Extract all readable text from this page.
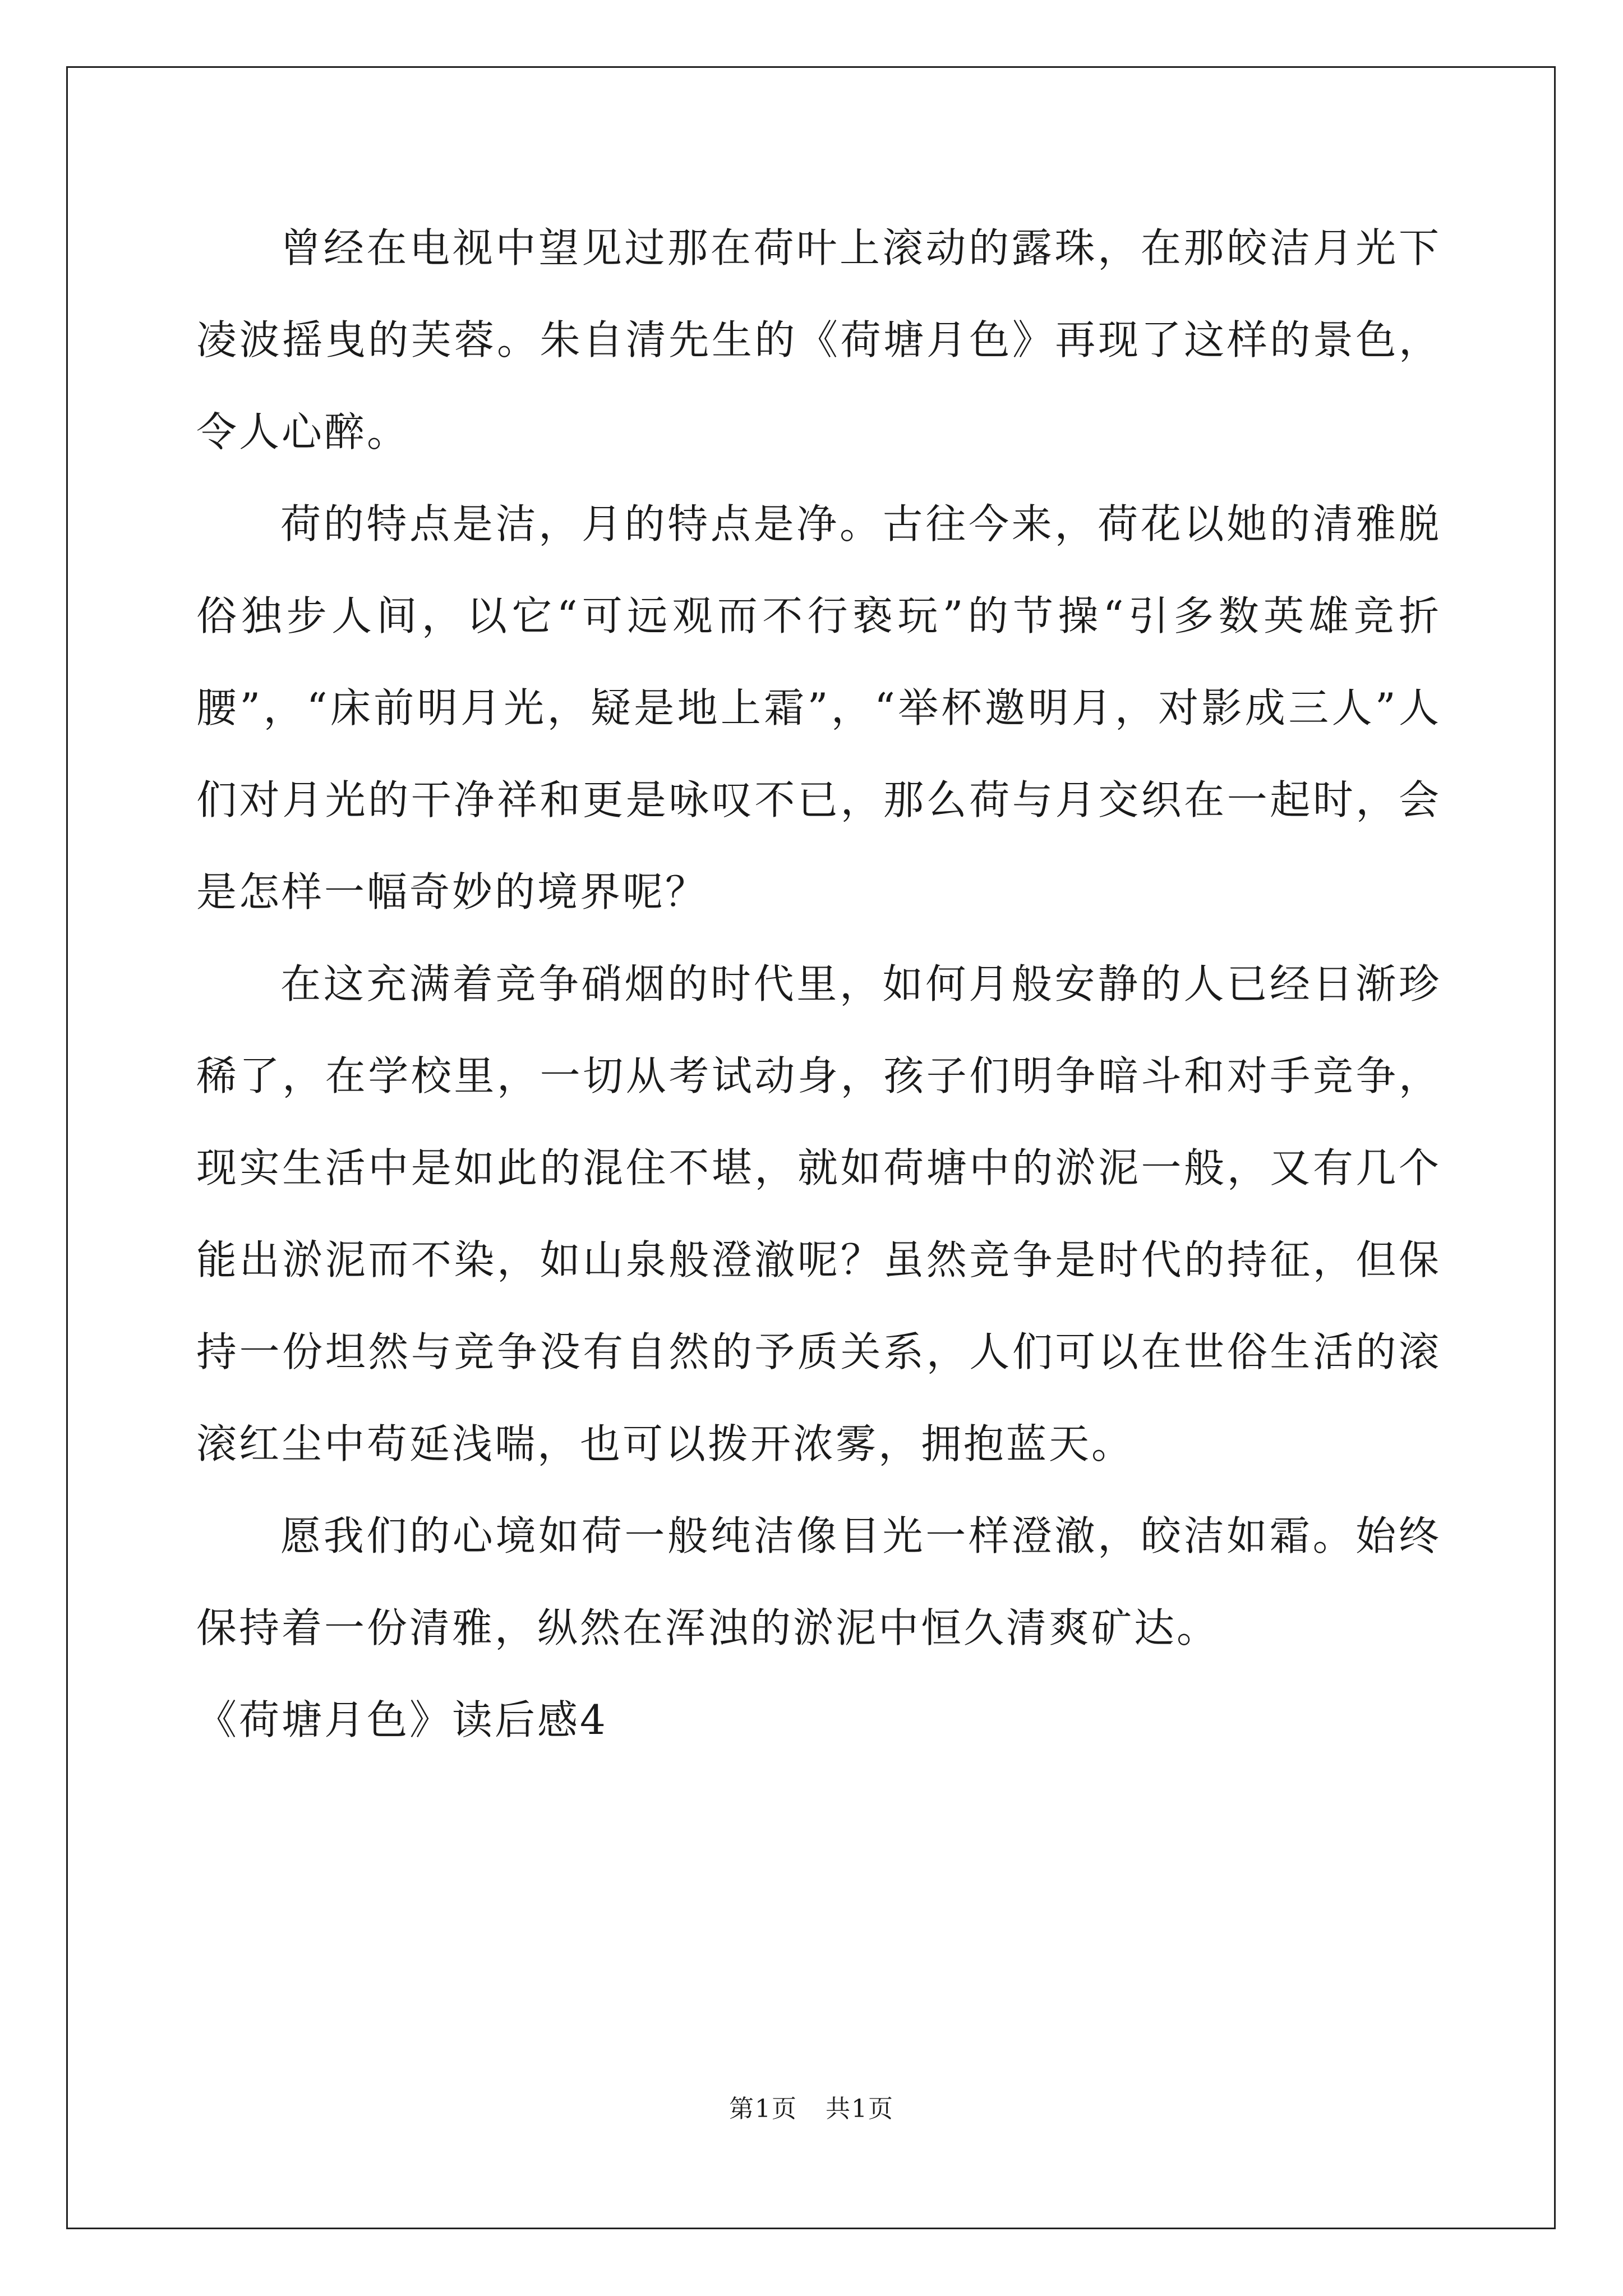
曾经在电视中望见过那在荷叶上滚动的露珠，在那皎洁月光下凌波摇曳的芙蓉。朱自清先生的《荷塘月色》再现了这样的景色，令人心醉。

荷的特点是洁，月的特点是净。古往今来，荷花以她的清雅脱俗独步人间，以它“可远观而不行亵玩”的节操“引多数英雄竞折腰”，“床前明月光，疑是地上霜”，“举杯邀明月，对影成三人”人们对月光的干净祥和更是咏叹不已，那么荷与月交织在一起时，会是怎样一幅奇妙的境界呢？

在这充满着竞争硝烟的时代里，如何月般安静的人已经日渐珍稀了，在学校里，一切从考试动身，孩子们明争暗斗和对手竞争，现实生活中是如此的混住不堪，就如荷塘中的淤泥一般，又有几个能出淤泥而不染，如山泉般澄澈呢？虽然竞争是时代的持征，但保持一份坦然与竞争没有自然的予质关系，人们可以在世俗生活的滚滚红尘中苟延浅喘，也可以拨开浓雾，拥抱蓝天。

愿我们的心境如荷一般纯洁像目光一样澄澈，皎洁如霜。始终保持着一份清雅，纵然在浑浊的淤泥中恒久清爽矿达。

《荷塘月色》读后感4

第1页 共1页
